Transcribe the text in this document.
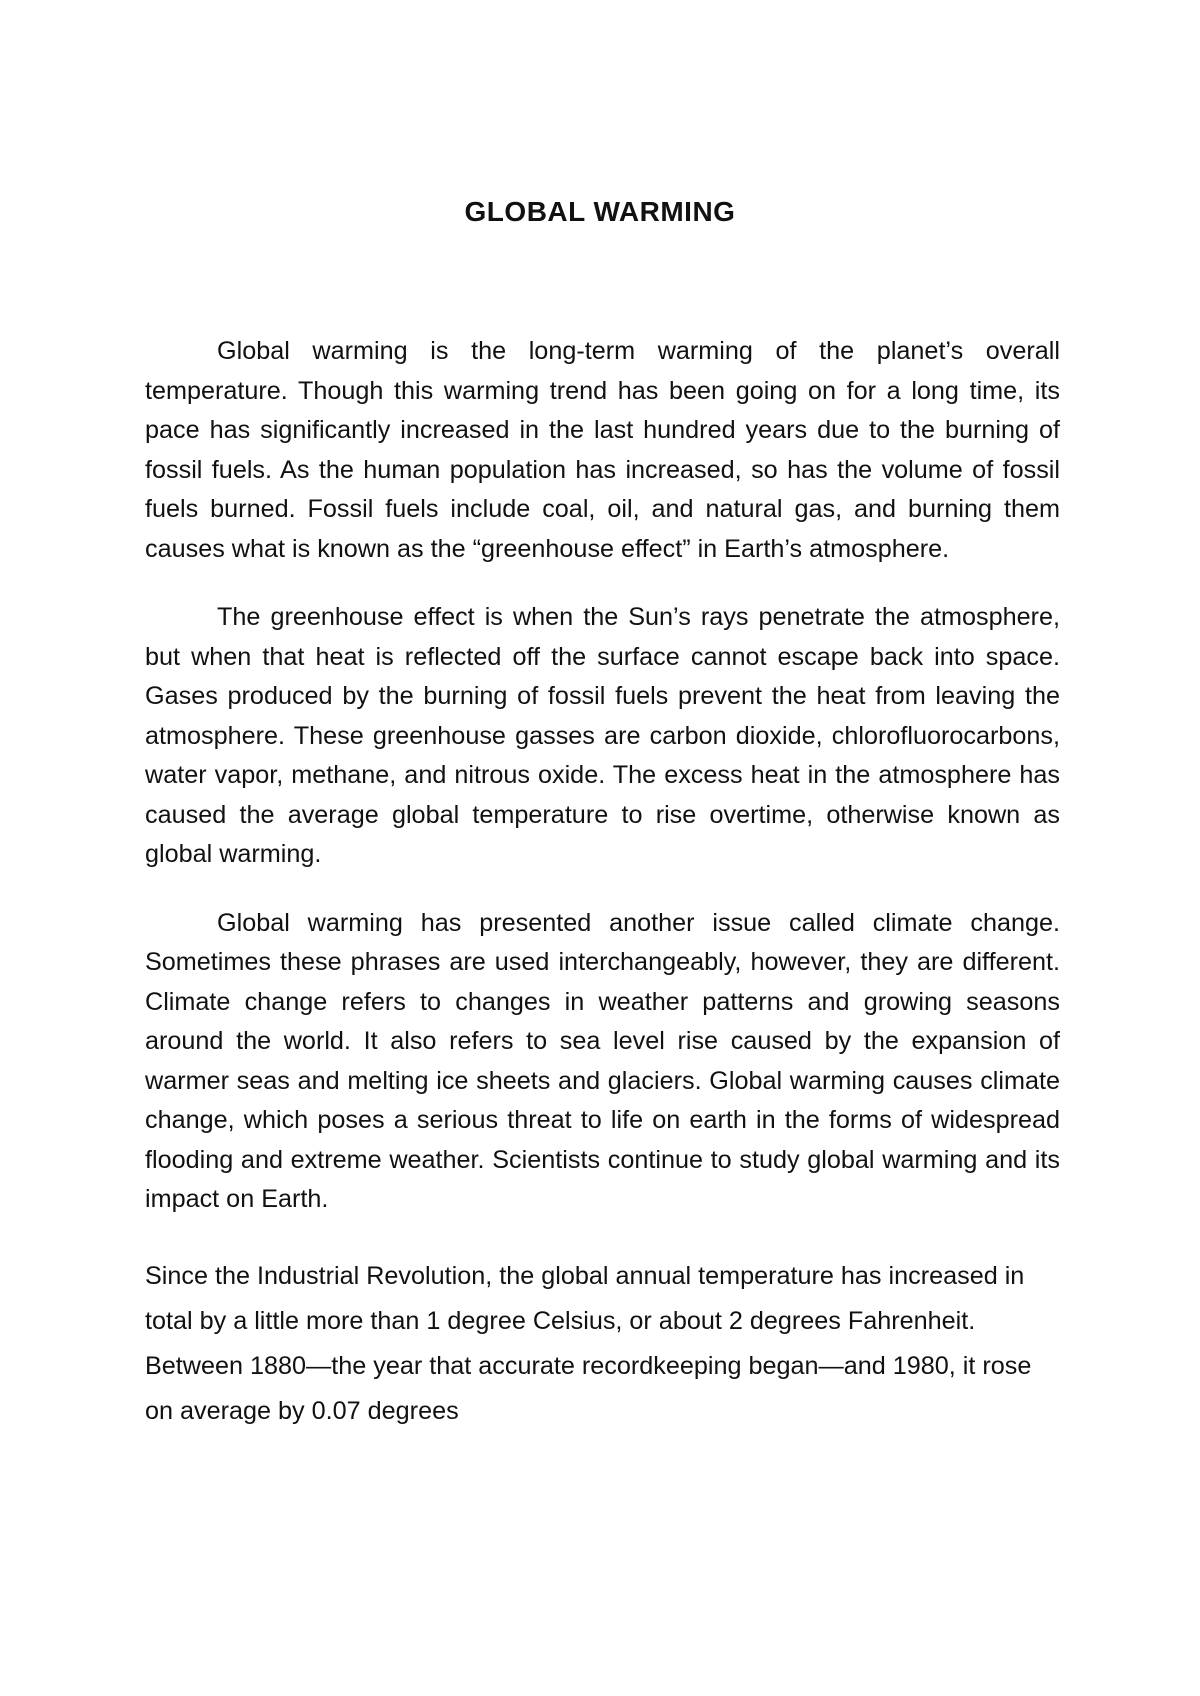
GLOBAL WARMING

Global warming is the long-term warming of the planet’s overall temperature. Though this warming trend has been going on for a long time, its pace has significantly increased in the last hundred years due to the burning of fossil fuels. As the human population has increased, so has the volume of fossil fuels burned. Fossil fuels include coal, oil, and natural gas, and burning them causes what is known as the “greenhouse effect” in Earth’s atmosphere.

The greenhouse effect is when the Sun’s rays penetrate the atmosphere, but when that heat is reflected off the surface cannot escape back into space. Gases produced by the burning of fossil fuels prevent the heat from leaving the atmosphere. These greenhouse gasses are carbon dioxide, chlorofluorocarbons, water vapor, methane, and nitrous oxide. The excess heat in the atmosphere has caused the average global temperature to rise overtime, otherwise known as global warming.

Global warming has presented another issue called climate change. Sometimes these phrases are used interchangeably, however, they are different. Climate change refers to changes in weather patterns and growing seasons around the world. It also refers to sea level rise caused by the expansion of warmer seas and melting ice sheets and glaciers. Global warming causes climate change, which poses a serious threat to life on earth in the forms of widespread flooding and extreme weather. Scientists continue to study global warming and its impact on Earth.

Since the Industrial Revolution, the global annual temperature has increased in total by a little more than 1 degree Celsius, or about 2 degrees Fahrenheit. Between 1880—the year that accurate recordkeeping began—and 1980, it rose on average by 0.07 degrees
